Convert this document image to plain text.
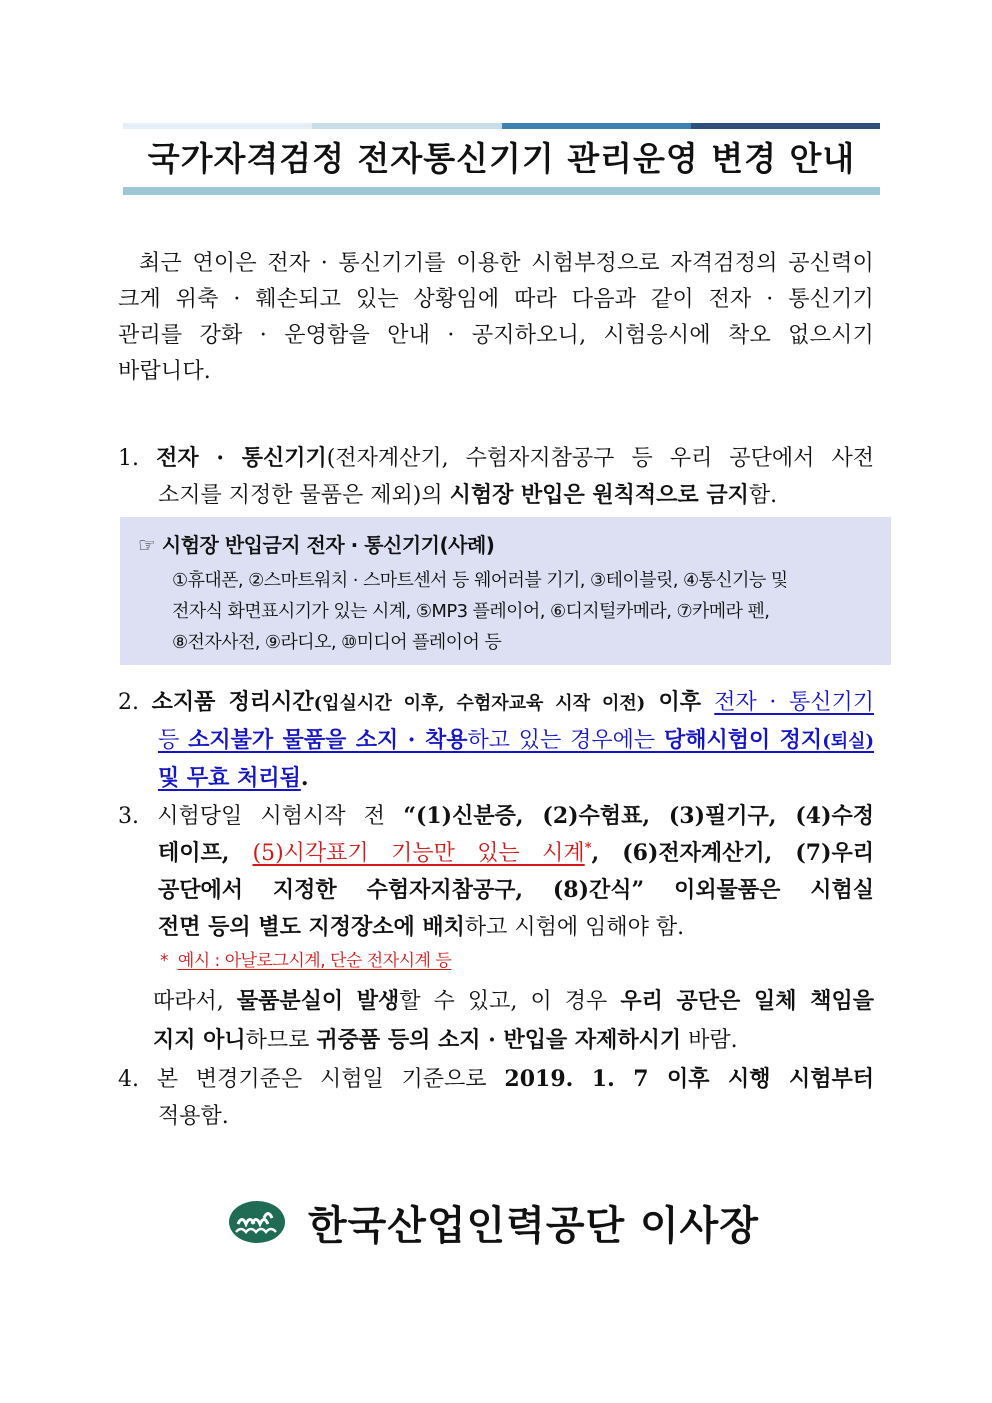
국가자격검정 전자통신기기 관리운영 변경 안내
최근 연이은 전자 · 통신기기를 이용한 시험부정으로 자격검정의 공신력이
크게 위축 · 훼손되고 있는 상황임에 따라 다음과 같이 전자 · 통신기기
관리를 강화 · 운영함을 안내 · 공지하오니, 시험응시에 착오 없으시기
바랍니다.
1. 전자 · 통신기기(전자계산기, 수험자지참공구 등 우리 공단에서 사전
소지를 지정한 물품은 제외)의 시험장 반입은 원칙적으로 금지함.
☞ 시험장 반입금지 전자 · 통신기기(사례)
①휴대폰, ②스마트워치 · 스마트센서 등 웨어러블 기기, ③테이블릿, ④통신기능 및
전자식 화면표시기가 있는 시계, ⑤MP3 플레이어, ⑥디지털카메라, ⑦카메라 펜,
⑧전자사전, ⑨라디오, ⑩미디어 플레이어 등
2. 소지품 정리시간(입실시간 이후, 수험자교육 시작 이전) 이후 전자 · 통신기기
등 소지불가 물품을 소지 · 착용하고 있는 경우에는 당해시험이 정지(퇴실)
및 무효 처리됨.
3. 시험당일 시험시작 전 “(1)신분증, (2)수험표, (3)필기구, (4)수정
테이프, (5)시각표기 기능만 있는 시계*, (6)전자계산기, (7)우리
공단에서 지정한 수험자지참공구, (8)간식” 이외물품은 시험실
전면 등의 별도 지정장소에 배치하고 시험에 임해야 함.
* 예시 : 아날로그시계, 단순 전자시계 등
따라서, 물품분실이 발생할 수 있고, 이 경우 우리 공단은 일체 책임을
지지 아니하므로 귀중품 등의 소지 · 반입을 자제하시기 바람.
4. 본 변경기준은 시험일 기준으로 2019. 1. 7 이후 시행 시험부터
적용함.
한국산업인력공단 이사장
